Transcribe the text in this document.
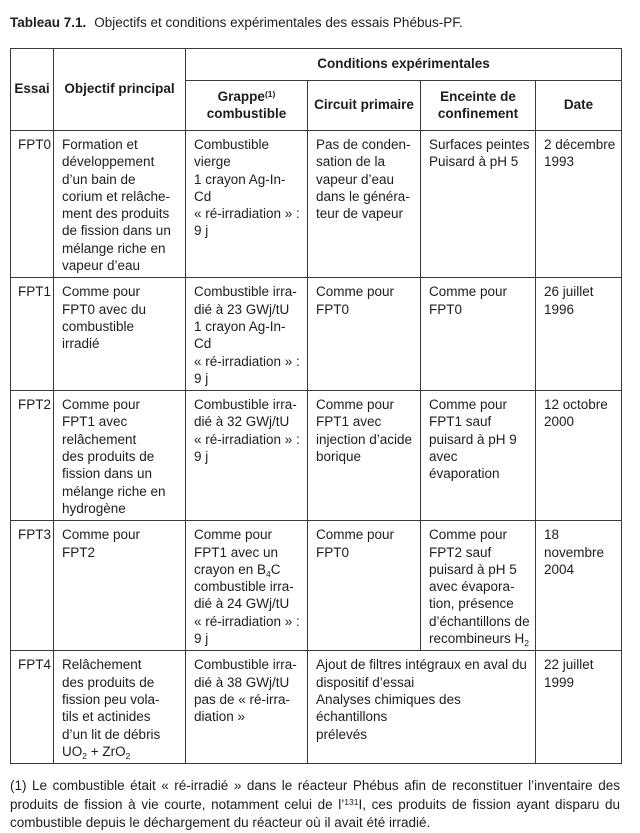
Tableau 7.1. Objectifs et conditions expérimentales des essais Phébus-PF.
Essai	Objectif principal	Conditions expérimentales			
		Grappe$^{(1)}$
combustible	Circuit primaire	Enceinte de
confinement	Date
FPT0	Formation et
développement
d’un bain de
corium et relâche-
ment des produits
de fission dans un
mélange riche en
vapeur d’eau	Combustible
vierge
1 crayon Ag-In-Cd
« ré-irradiation » :
9 j	Pas de conden-
sation de la
vapeur d’eau
dans le généra-
teur de vapeur	Surfaces peintes
Puisard à pH 5	2 décembre
1993
FPT1	Comme pour
FPT0 avec du
combustible
irradié	Combustible irra-
dié à 23 GWj/tU
1 crayon Ag-In-Cd
« ré-irradiation » :
9 j	Comme pour
FPT0	Comme pour
FPT0	26 juillet
1996
FPT2	Comme pour
FPT1 avec
relâchement
des produits de
fission dans un
mélange riche en
hydrogène	Combustible irra-
dié à 32 GWj/tU
« ré-irradiation » :
9 j	Comme pour
FPT1 avec
injection d’acide
borique	Comme pour
FPT1 sauf
puisard à pH 9
avec évaporation	12 octobre
2000
FPT3	Comme pour
FPT2	Comme pour
FPT1 avec un
crayon en $B_4C$
combustible irra-
dié à 24 GWj/tU
« ré-irradiation » :
9 j	Comme pour
FPT0	Comme pour
FPT2 sauf
puisard à pH 5
avec évapora-
tion, présence
d’échantillons de
recombineurs $H_2$	18 novembre
2004
FPT4	Relâchement
des produits de
fission peu vola-
tils et actinides
d’un lit de débris
$UO_2 + ZrO_2$	Combustible irra-
dié à 38 GWj/tU
pas de « ré-irra-
diation »	Ajout de filtres intégraux en aval du
dispositif d’essai
Analyses chimiques des échantillons
prélevés	22 juillet
1999
(1) Le combustible était « ré-irradié » dans le réacteur Phébus afin de reconstituer l’inventaire des produits de fission à vie courte, notamment celui de l’$^{131}$I, ces produits de fission ayant disparu du combustible depuis le déchargement du réacteur où il avait été irradié.
